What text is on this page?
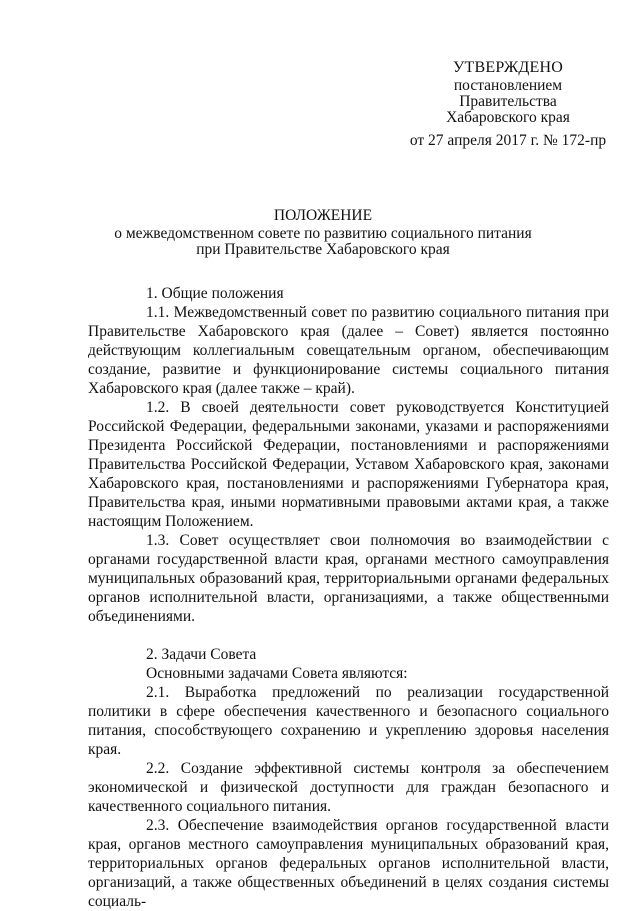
УТВЕРЖДЕНО
постановлением
Правительства
Хабаровского края
от 27 апреля 2017 г. № 172-пр
ПОЛОЖЕНИЕ
о межведомственном совете по развитию социального питания
при Правительстве Хабаровского края

1. Общие положения

1.1. Межведомственный совет по развитию социального питания при Правительстве Хабаровского края (далее – Совет) является постоянно действующим коллегиальным совещательным органом, обеспечивающим создание, развитие и функционирование системы социального питания Хабаровского края (далее также – край).

1.2. В своей деятельности совет руководствуется Конституцией Российской Федерации, федеральными законами, указами и распоряжениями Президента Российской Федерации, постановлениями и распоряжениями Правительства Российской Федерации, Уставом Хабаровского края, законами Хабаровского края, постановлениями и распоряжениями Губернатора края, Правительства края, иными нормативными правовыми актами края, а также настоящим Положением.

1.3. Совет осуществляет свои полномочия во взаимодействии с органами государственной власти края, органами местного самоуправления муниципальных образований края, территориальными органами федеральных органов исполнительной власти, организациями, а также общественными объединениями.

2. Задачи Совета

Основными задачами Совета являются:

2.1. Выработка предложений по реализации государственной политики в сфере обеспечения качественного и безопасного социального питания, способствующего сохранению и укреплению здоровья населения края.

2.2. Создание эффективной системы контроля за обеспечением экономической и физической доступности для граждан безопасного и качественного социального питания.

2.3. Обеспечение взаимодействия органов государственной власти края, органов местного самоуправления муниципальных образований края, территориальных органов федеральных органов исполнительной власти, организаций, а также общественных объединений в целях создания системы социаль-
